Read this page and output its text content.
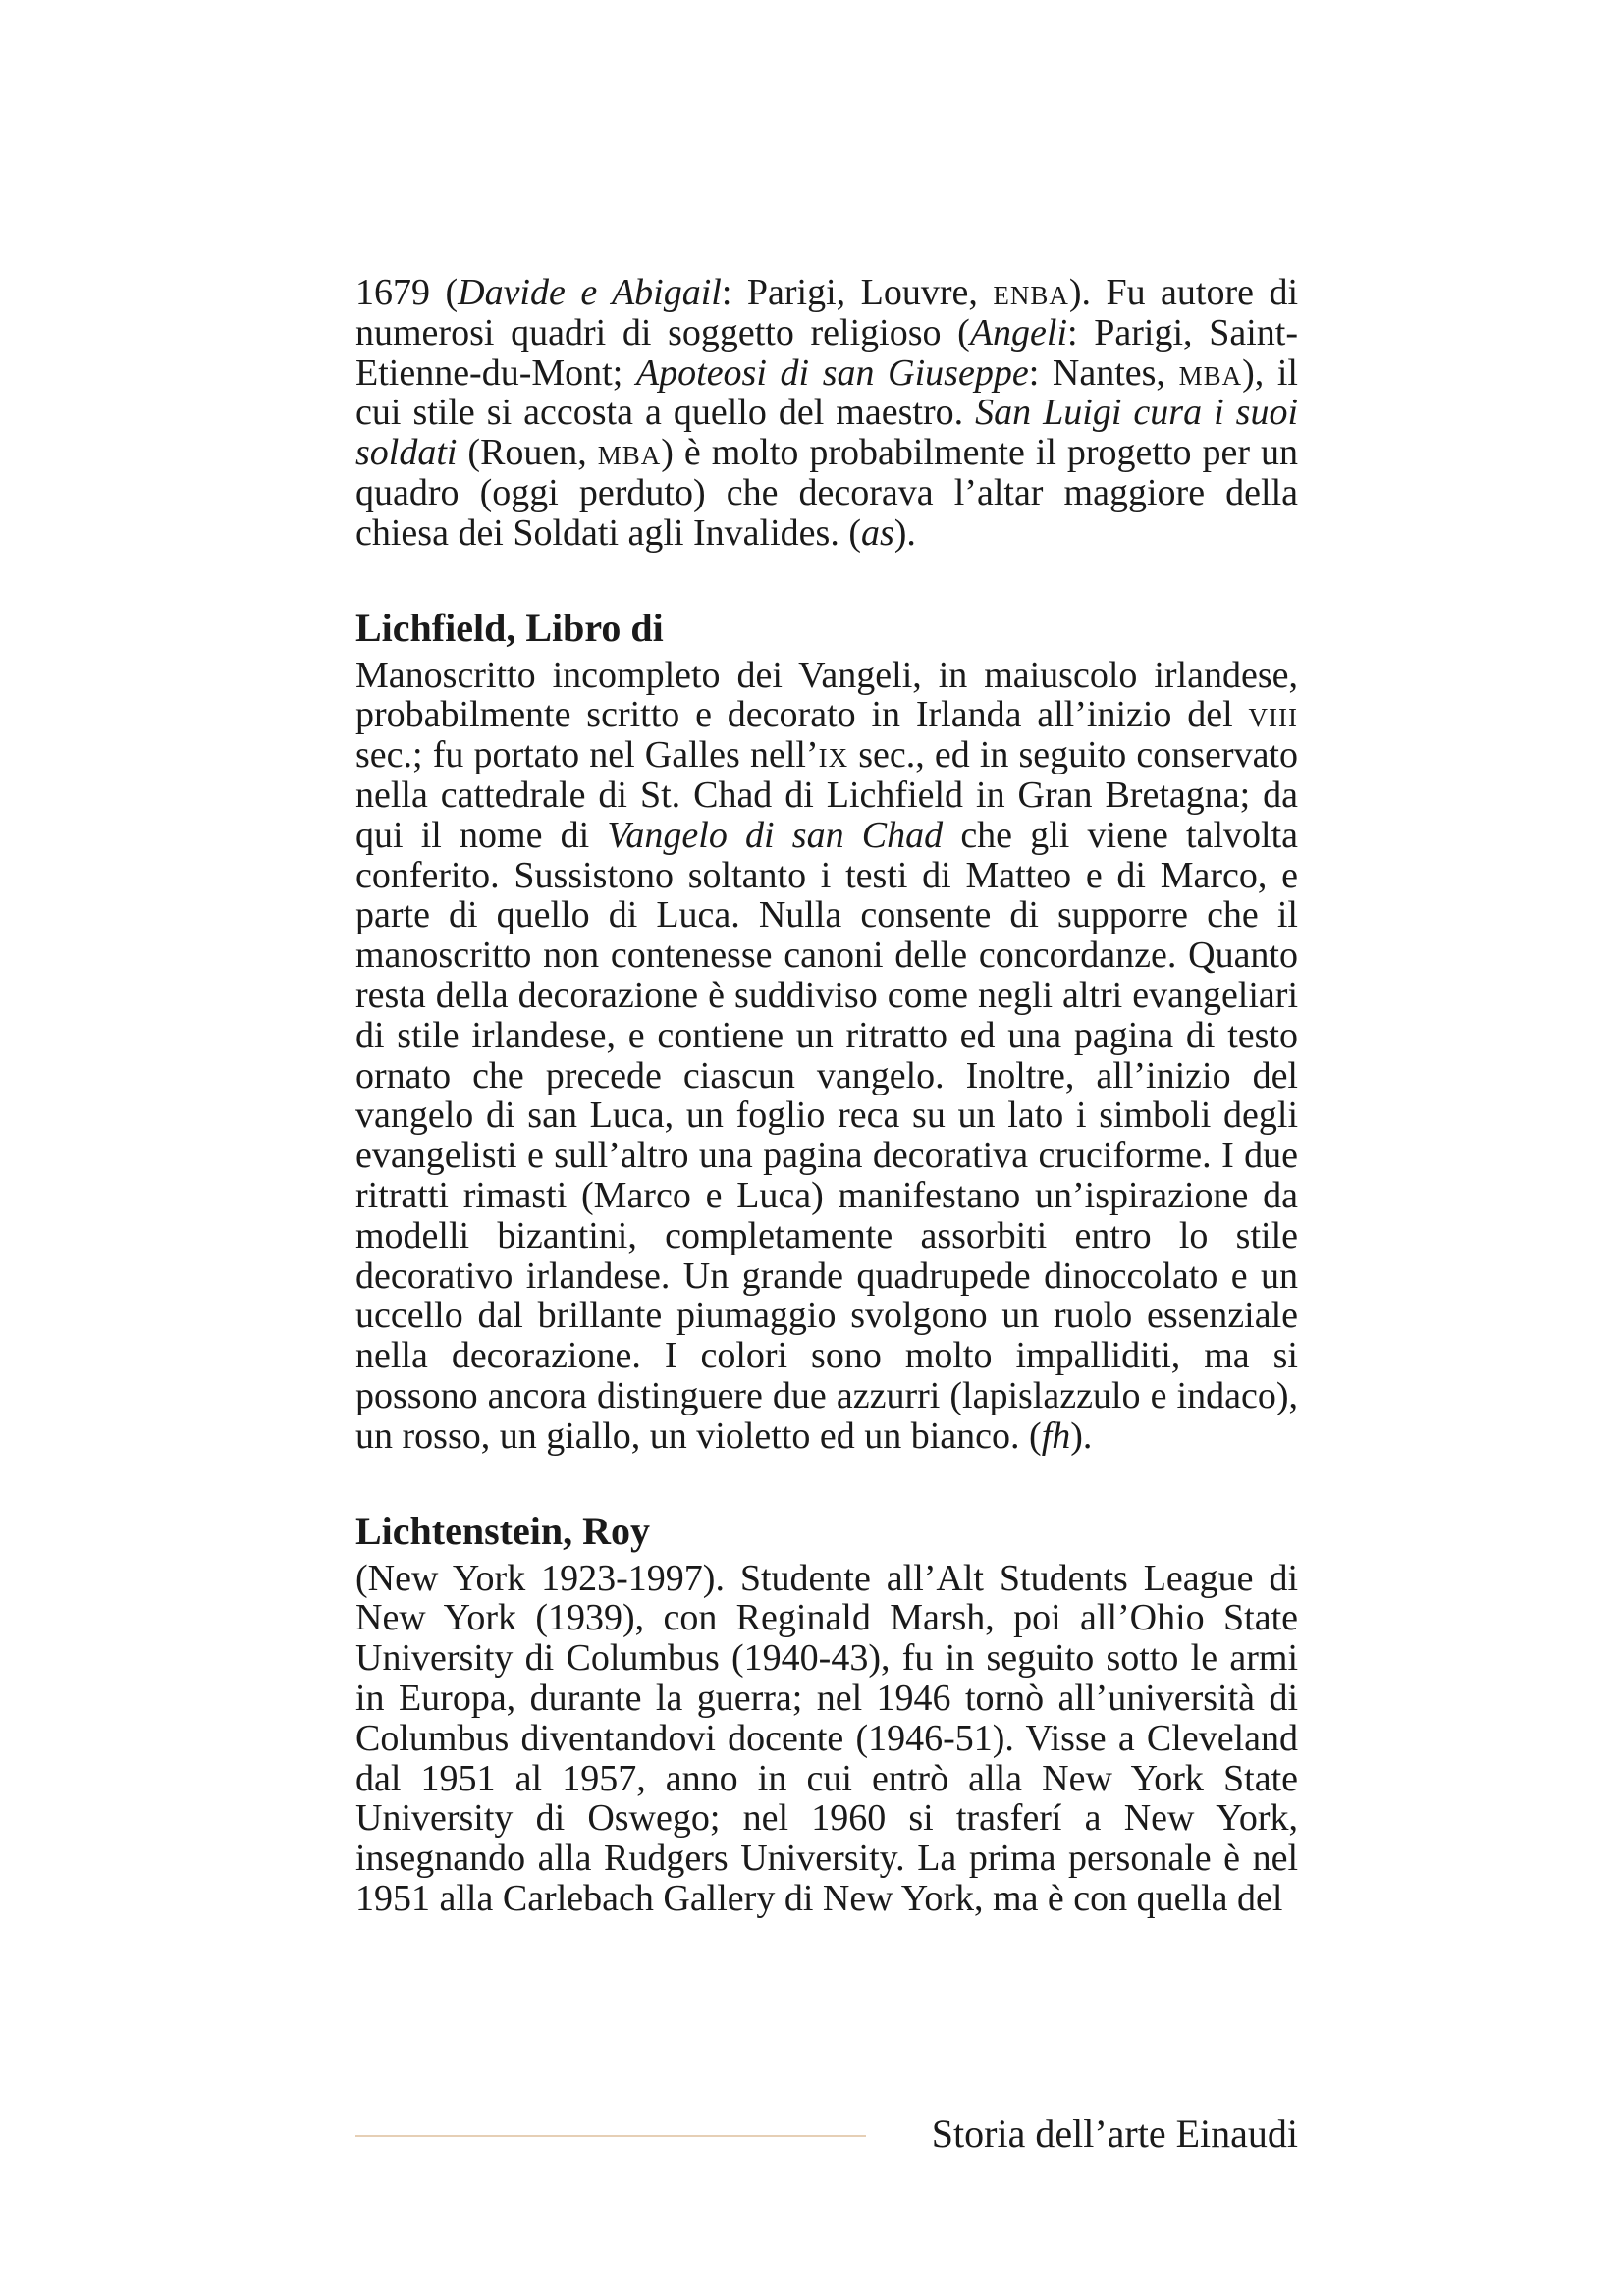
1679 (Davide e Abigail: Parigi, Louvre, enba). Fu autore di numerosi quadri di soggetto religioso (Angeli: Parigi, Saint-Etienne-du-Mont; Apoteosi di san Giuseppe: Nantes, mba), il cui stile si accosta a quello del maestro. San Luigi cura i suoi soldati (Rouen, mba) è molto probabilmente il progetto per un quadro (oggi perduto) che decorava l’altar maggiore della chiesa dei Soldati agli Invalides. (as).

Lichfield, Libro di

Manoscritto incompleto dei Vangeli, in maiuscolo irlandese, probabilmente scritto e decorato in Irlanda all’inizio del viii sec.; fu portato nel Galles nell’ix sec., ed in seguito conservato nella cattedrale di St. Chad di Lichfield in Gran Bretagna; da qui il nome di Vangelo di san Chad che gli viene talvolta conferito. Sussistono soltanto i testi di Matteo e di Marco, e parte di quello di Luca. Nulla consente di supporre che il manoscritto non contenesse canoni delle concordanze. Quanto resta della decorazione è suddiviso come negli altri evangeliari di stile irlandese, e contiene un ritratto ed una pagina di testo ornato che precede ciascun vangelo. Inoltre, all’inizio del vangelo di san Luca, un foglio reca su un lato i simboli degli evangelisti e sull’altro una pagina decorativa cruciforme. I due ritratti rimasti (Marco e Luca) manifestano un’ispirazione da modelli bizantini, completamente assorbiti entro lo stile decorativo irlandese. Un grande quadrupede dinoccolato e un uccello dal brillante piumaggio svolgono un ruolo essenziale nella decorazione. I colori sono molto impalliditi, ma si possono ancora distinguere due azzurri (lapislazzulo e indaco), un rosso, un giallo, un violetto ed un bianco. (fh).

Lichtenstein, Roy

(New York 1923-1997). Studente all’Alt Students League di New York (1939), con Reginald Marsh, poi all’Ohio State University di Columbus (1940-43), fu in seguito sotto le armi in Europa, durante la guerra; nel 1946 tornò all’università di Columbus diventandovi docente (1946-51). Visse a Cleveland dal 1951 al 1957, anno in cui entrò alla New York State University di Oswego; nel 1960 si trasferí a New York, insegnando alla Rudgers University. La prima personale è nel 1951 alla Carlebach Gallery di New York, ma è con quella del

Storia dell’arte Einaudi
